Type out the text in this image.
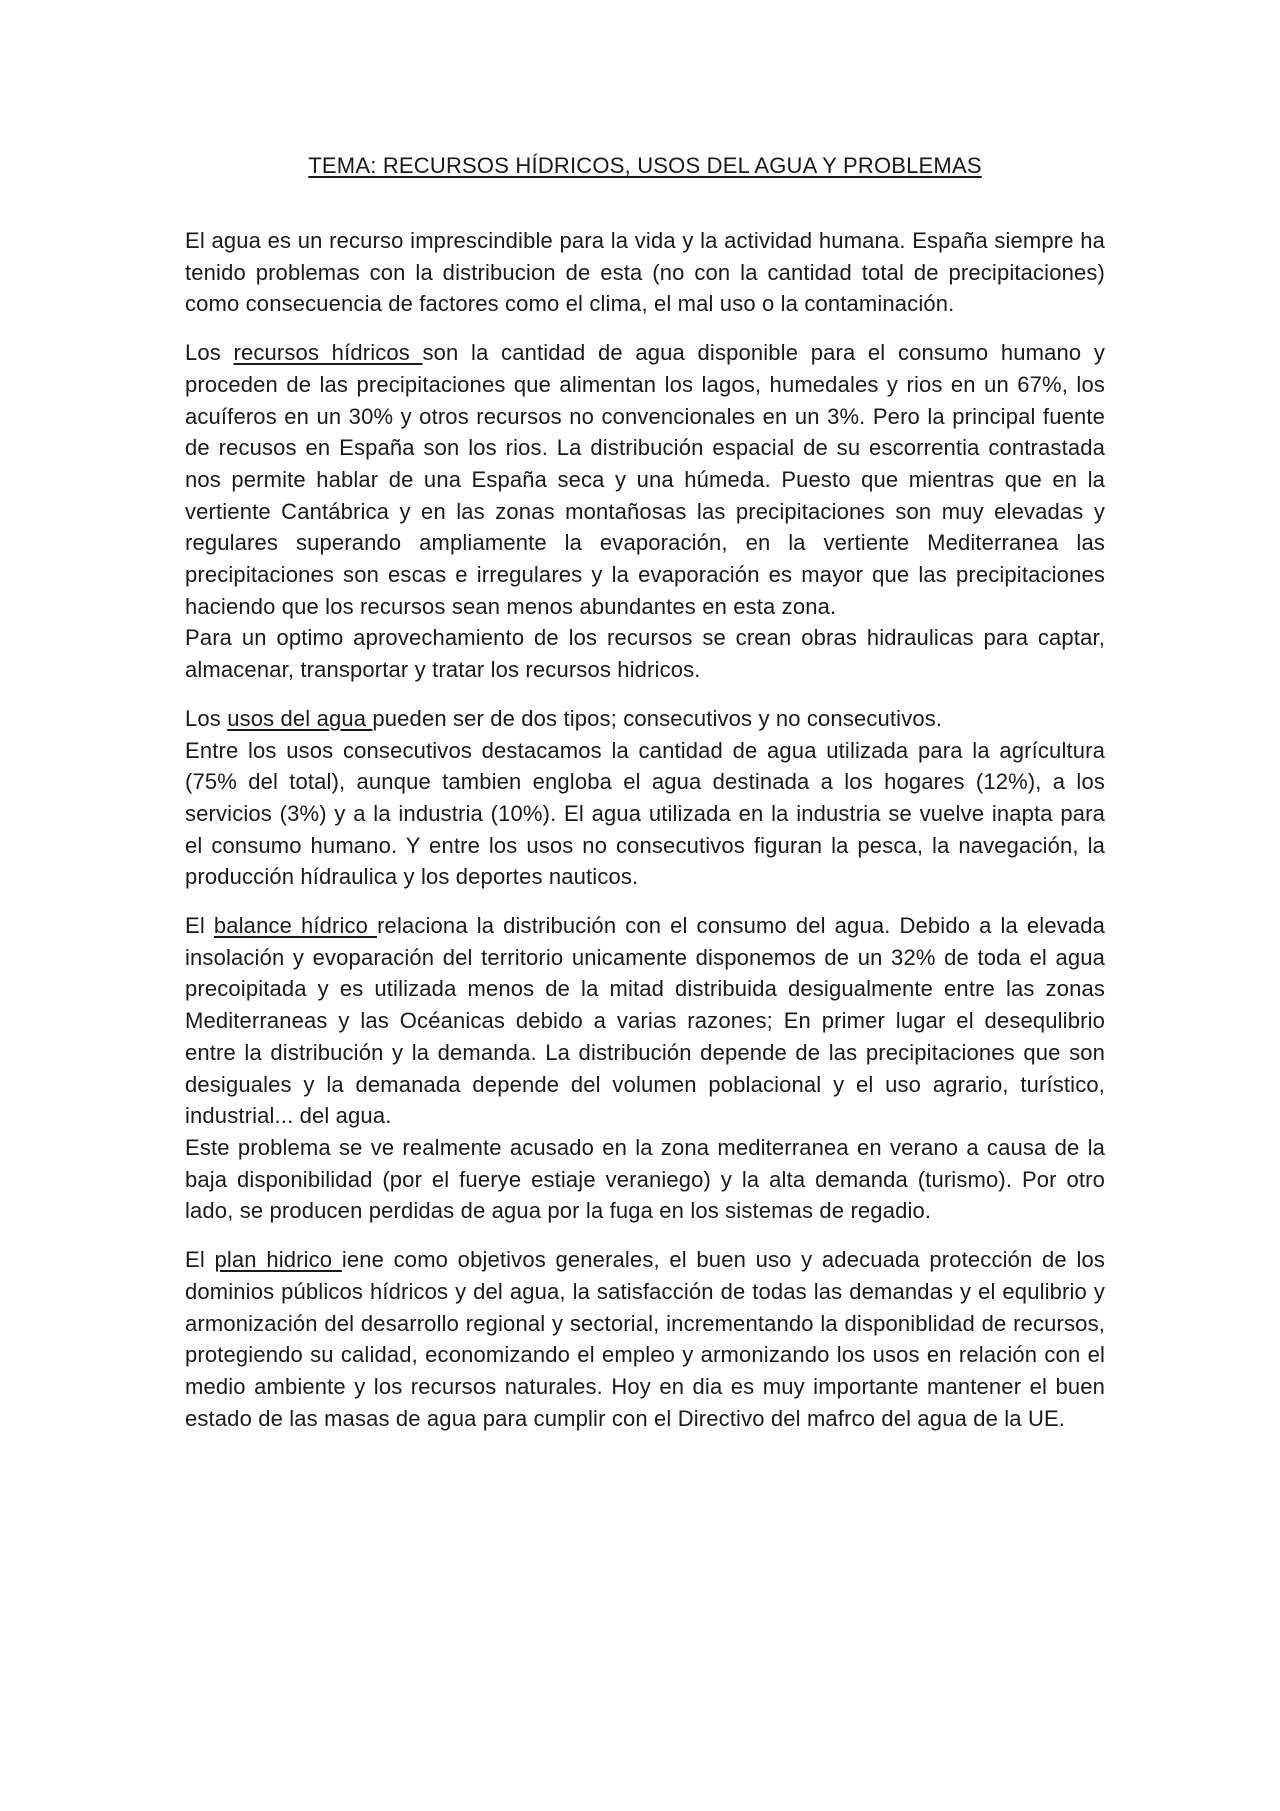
TEMA: RECURSOS HÍDRICOS, USOS DEL AGUA Y PROBLEMAS

El agua es un recurso imprescindible para la vida y la actividad humana. España siempre ha tenido problemas con la distribucion de esta (no con la cantidad total de precipitaciones) como consecuencia de factores como el clima, el mal uso o la contaminación.

Los recursos hídricos son la cantidad de agua disponible para el consumo humano y proceden de las precipitaciones que alimentan los lagos, humedales y rios en un 67%, los acuíferos en un 30% y otros recursos no convencionales en un 3%. Pero la principal fuente de recusos en España son los rios. La distribución espacial de su escorrentia contrastada nos permite hablar de una España seca y una húmeda. Puesto que mientras que en la vertiente Cantábrica y en las zonas montañosas las precipitaciones son muy elevadas y regulares superando ampliamente la evaporación, en la vertiente Mediterranea las precipitaciones son escas e irregulares y la evaporación es mayor que las precipitaciones haciendo que los recursos sean menos abundantes en esta zona.
Para un optimo aprovechamiento de los recursos se crean obras hidraulicas para captar, almacenar, transportar y tratar los recursos hidricos.

Los usos del agua pueden ser de dos tipos; consecutivos y no consecutivos.
Entre los usos consecutivos destacamos la cantidad de agua utilizada para la agrícultura (75% del total), aunque tambien engloba el agua destinada a los hogares (12%), a los servicios (3%) y a la industria (10%). El agua utilizada en la industria se vuelve inapta para el consumo humano. Y entre los usos no consecutivos figuran la pesca, la navegación, la producción hídraulica y los deportes nauticos.

El balance hídrico relaciona la distribución con el consumo del agua. Debido a la elevada insolación y evoparación del territorio unicamente disponemos de un 32% de toda el agua precoipitada y es utilizada menos de la mitad distribuida desigualmente entre las zonas Mediterraneas y las Océanicas debido a varias razones; En primer lugar el desequlibrio entre la distribución y la demanda. La distribución depende de las precipitaciones que son desiguales y la demanada depende del volumen poblacional y el uso agrario, turístico, industrial... del agua.
Este problema se ve realmente acusado en la zona mediterranea en verano a causa de la baja disponibilidad (por el fuerye estiaje veraniego) y la alta demanda (turismo). Por otro lado, se producen perdidas de agua por la fuga en los sistemas de regadio.

El plan hidrico iene como objetivos generales, el buen uso y adecuada protección de los dominios públicos hídricos y del agua, la satisfacción de todas las demandas y el equlibrio y armonización del desarrollo regional y sectorial, incrementando la disponiblidad de recursos, protegiendo su calidad, economizando el empleo y armonizando los usos en relación con el medio ambiente y los recursos naturales. Hoy en dia es muy importante mantener el buen estado de las masas de agua para cumplir con el Directivo del mafrco del agua de la UE.
